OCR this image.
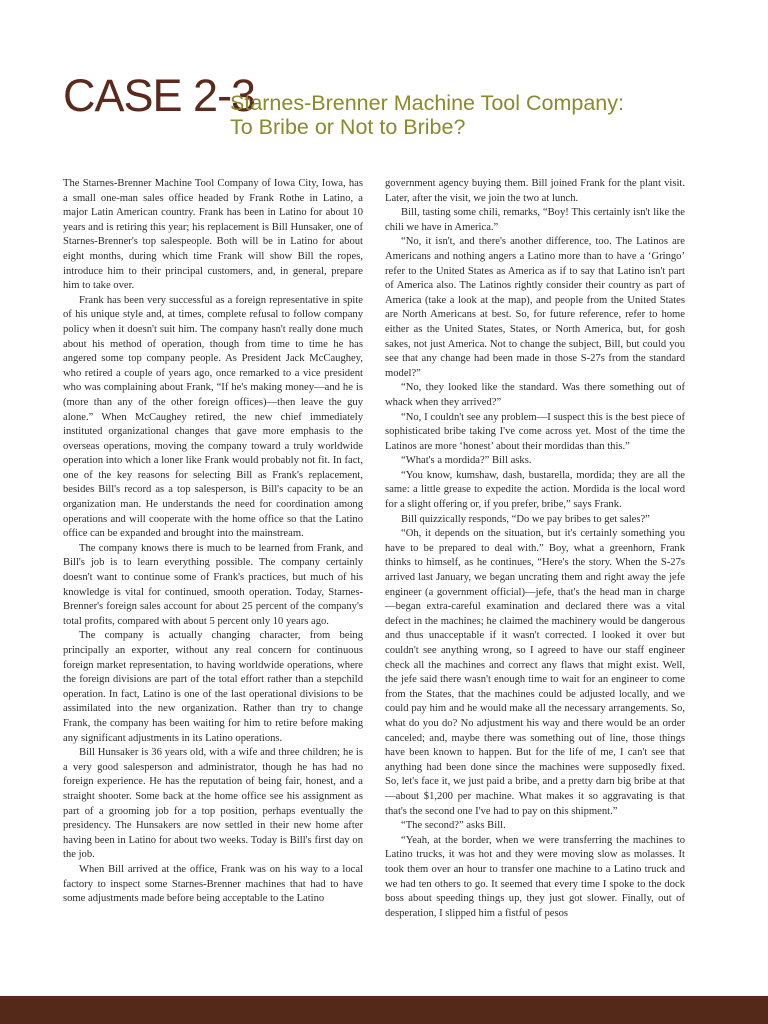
CASE 2-3
Starnes-Brenner Machine Tool Company:
To Bribe or Not to Bribe?

The Starnes-Brenner Machine Tool Company of Iowa City, Iowa, has a small one-man sales office headed by Frank Rothe in Latino, a major Latin American country. Frank has been in Latino for about 10 years and is retiring this year; his replacement is Bill Hunsaker, one of Starnes-Brenner's top salespeople. Both will be in Latino for about eight months, during which time Frank will show Bill the ropes, introduce him to their principal customers, and, in general, prepare him to take over.

Frank has been very successful as a foreign representative in spite of his unique style and, at times, complete refusal to follow company policy when it doesn't suit him. The company hasn't really done much about his method of operation, though from time to time he has angered some top company people. As President Jack McCaughey, who retired a couple of years ago, once remarked to a vice president who was complaining about Frank, “If he's making money—and he is (more than any of the other foreign offices)—then leave the guy alone.” When McCaughey retired, the new chief immediately instituted organizational changes that gave more emphasis to the overseas operations, moving the company toward a truly worldwide operation into which a loner like Frank would probably not fit. In fact, one of the key reasons for selecting Bill as Frank's replacement, besides Bill's record as a top salesperson, is Bill's capacity to be an organization man. He understands the need for coordination among operations and will cooperate with the home office so that the Latino office can be expanded and brought into the mainstream.

The company knows there is much to be learned from Frank, and Bill's job is to learn everything possible. The company certainly doesn't want to continue some of Frank's practices, but much of his knowledge is vital for continued, smooth operation. Today, Starnes-Brenner's foreign sales account for about 25 percent of the company's total profits, compared with about 5 percent only 10 years ago.

The company is actually changing character, from being principally an exporter, without any real concern for continuous foreign market representation, to having worldwide operations, where the foreign divisions are part of the total effort rather than a stepchild operation. In fact, Latino is one of the last operational divisions to be assimilated into the new organization. Rather than try to change Frank, the company has been waiting for him to retire before making any significant adjustments in its Latino operations.

Bill Hunsaker is 36 years old, with a wife and three children; he is a very good salesperson and administrator, though he has had no foreign experience. He has the reputation of being fair, honest, and a straight shooter. Some back at the home office see his assignment as part of a grooming job for a top position, perhaps eventually the presidency. The Hunsakers are now settled in their new home after having been in Latino for about two weeks. Today is Bill's first day on the job.

When Bill arrived at the office, Frank was on his way to a local factory to inspect some Starnes-Brenner machines that had to have some adjustments made before being acceptable to the Latino

government agency buying them. Bill joined Frank for the plant visit. Later, after the visit, we join the two at lunch.

Bill, tasting some chili, remarks, “Boy! This certainly isn't like the chili we have in America.”

“No, it isn't, and there's another difference, too. The Latinos are Americans and nothing angers a Latino more than to have a ‘Gringo’ refer to the United States as America as if to say that Latino isn't part of America also. The Latinos rightly consider their country as part of America (take a look at the map), and people from the United States are North Americans at best. So, for future reference, refer to home either as the United States, States, or North America, but, for gosh sakes, not just America. Not to change the subject, Bill, but could you see that any change had been made in those S-27s from the standard model?”

“No, they looked like the standard. Was there something out of whack when they arrived?”

“No, I couldn't see any problem—I suspect this is the best piece of sophisticated bribe taking I've come across yet. Most of the time the Latinos are more ‘honest’ about their mordidas than this.”

“What's a mordida?” Bill asks.

“You know, kumshaw, dash, bustarella, mordida; they are all the same: a little grease to expedite the action. Mordida is the local word for a slight offering or, if you prefer, bribe,” says Frank.

Bill quizzically responds, “Do we pay bribes to get sales?”

“Oh, it depends on the situation, but it's certainly something you have to be prepared to deal with.” Boy, what a greenhorn, Frank thinks to himself, as he continues, “Here's the story. When the S-27s arrived last January, we began uncrating them and right away the jefe engineer (a government official)—jefe, that's the head man in charge—began extra-careful examination and declared there was a vital defect in the machines; he claimed the machinery would be dangerous and thus unacceptable if it wasn't corrected. I looked it over but couldn't see anything wrong, so I agreed to have our staff engineer check all the machines and correct any flaws that might exist. Well, the jefe said there wasn't enough time to wait for an engineer to come from the States, that the machines could be adjusted locally, and we could pay him and he would make all the necessary arrangements. So, what do you do? No adjustment his way and there would be an order canceled; and, maybe there was something out of line, those things have been known to happen. But for the life of me, I can't see that anything had been done since the machines were supposedly fixed. So, let's face it, we just paid a bribe, and a pretty darn big bribe at that—about $1,200 per machine. What makes it so aggravating is that that's the second one I've had to pay on this shipment.”

“The second?” asks Bill.

“Yeah, at the border, when we were transferring the machines to Latino trucks, it was hot and they were moving slow as molasses. It took them over an hour to transfer one machine to a Latino truck and we had ten others to go. It seemed that every time I spoke to the dock boss about speeding things up, they just got slower. Finally, out of desperation, I slipped him a fistful of pesos
